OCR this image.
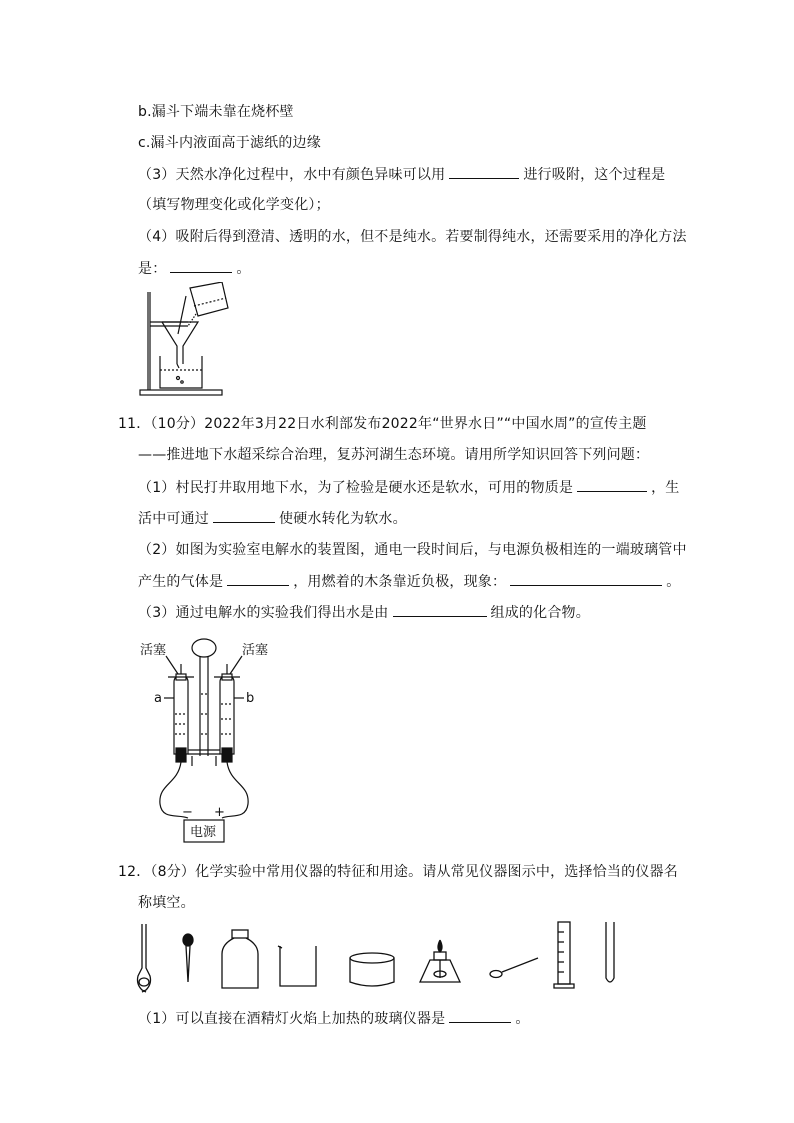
b.漏斗下端未靠在烧杯壁
c.漏斗内液面高于滤纸的边缘
（3）天然水净化过程中，水中有颜色异味可以用	进行吸附，这个过程是
（填写物理变化或化学变化）；
（4）吸附后得到澄清、透明的水，但不是纯水。若要制得纯水，还需要采用的净化方法
是：	。
11．（10分）2022年3月22日水利部发布2022年“世界水日”“中国水周”的宣传主题
——推进地下水超采综合治理，复苏河湖生态环境。请用所学知识回答下列问题：
（1）村民打井取用地下水，为了检验是硬水还是软水，可用的物质是	，生
活中可通过	使硬水转化为软水。
（2）如图为实验室电解水的装置图，通电一段时间后，与电源负极相连的一端玻璃管中
产生的气体是	，用燃着的木条靠近负极，现象：	。
（3）通过电解水的实验我们得出水是由	组成的化合物。
活塞	活塞
a	b
− +
电源
12．（8分）化学实验中常用仪器的特征和用途。请从常见仪器图示中，选择恰当的仪器名
称填空。
（1）可以直接在酒精灯火焰上加热的玻璃仪器是	。
